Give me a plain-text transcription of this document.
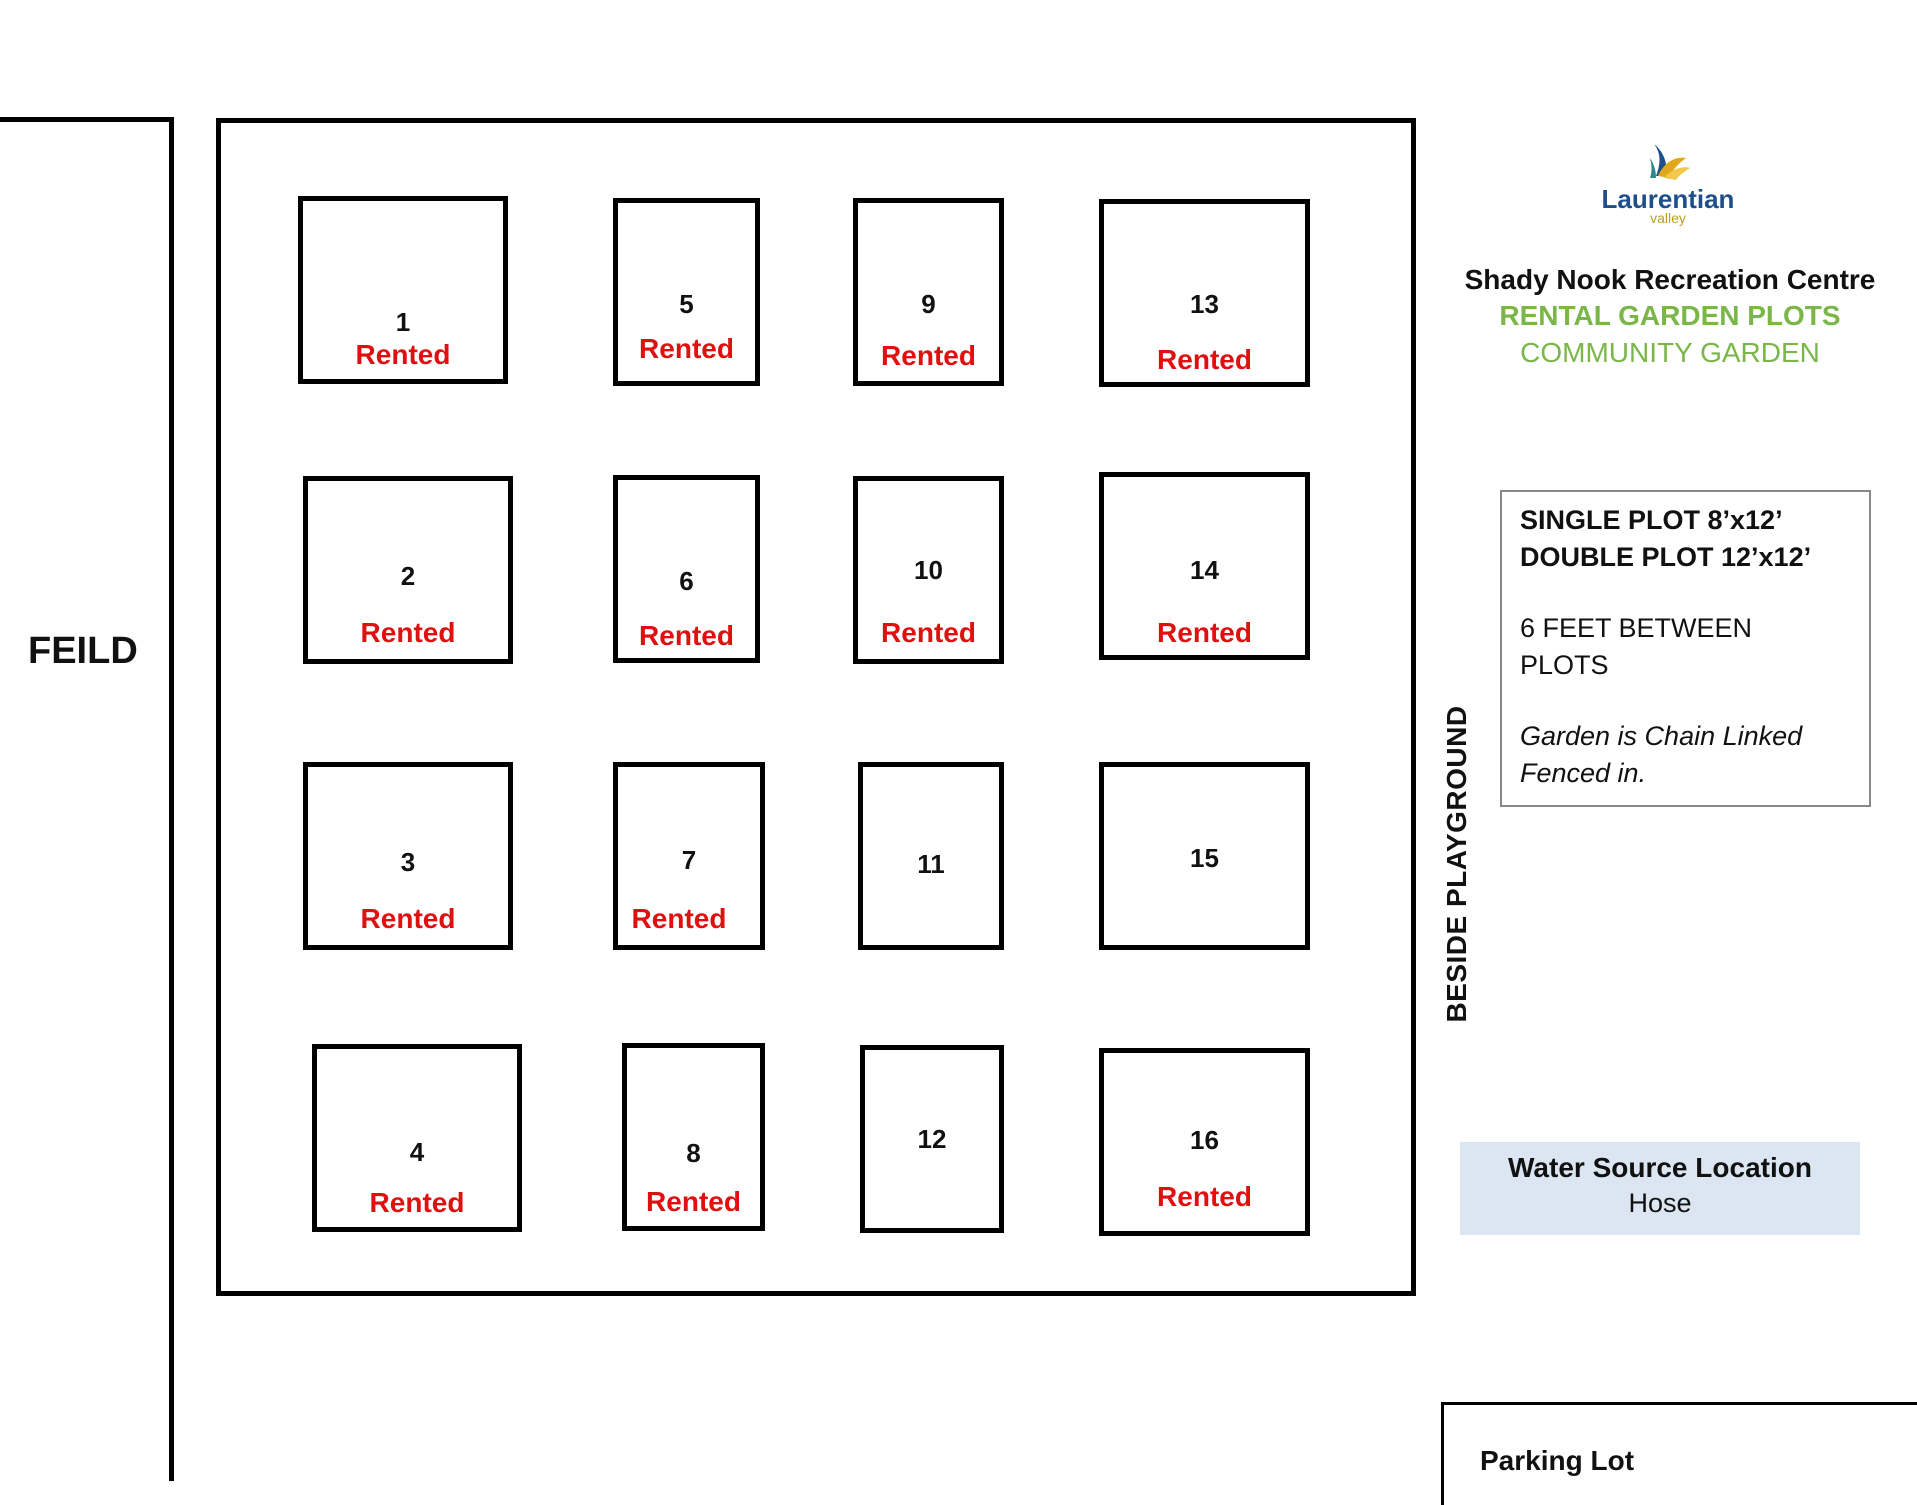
FEILD
1
Rented
2
Rented
3
Rented
4
Rented
5
Rented
6
Rented
7
Rented
8
Rented
9
Rented
10
Rented
11
12
13
Rented
14
Rented
15
16
Rented
BESIDE PLAYGROUND
Laurentian
valley
Shady Nook Recreation Centre
RENTAL GARDEN PLOTS
COMMUNITY GARDEN
SINGLE PLOT 8’x12’
DOUBLE PLOT 12’x12’
6 FEET BETWEEN
PLOTS
Garden is Chain Linked
Fenced in.
Water Source Location
Hose
Parking Lot
